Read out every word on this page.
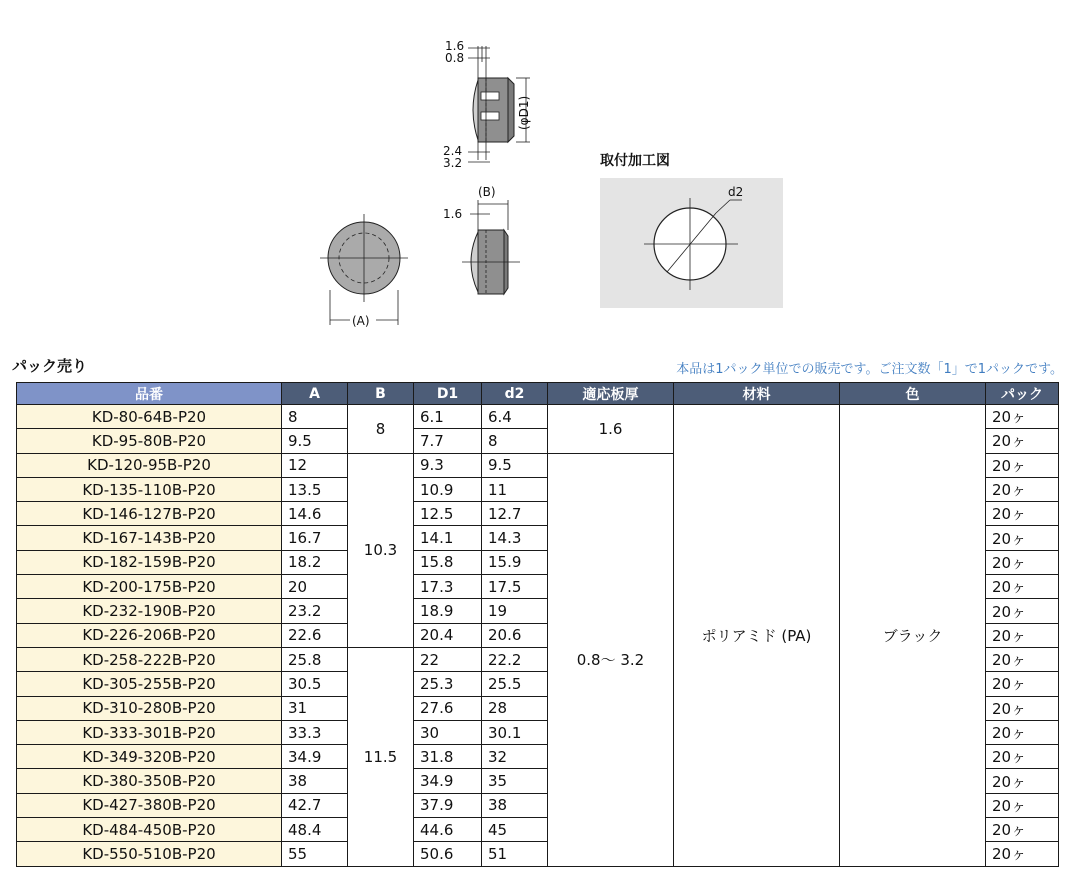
1.6
0.8
(φD1)
2.4
3.2
(A)
(B)
1.6
d2
取付加工図
パック売り	本品は1パック単位での販売です。ご注文数「1」で1パックです。
品番	A	B	D1	d2	適応板厚	材料	色	パック
KD-80-64B-P20	8	8	6.1	6.4	1.6	ポリアミド (PA)	ブラック	20ヶ
KD-95-80B-P20	9.5		7.7	8				20ヶ
KD-120-95B-P20	12	10.3	9.3	9.5	0.8～ 3.2			20ヶ
KD-135-110B-P20	13.5		10.9	11				20ヶ
KD-146-127B-P20	14.6		12.5	12.7				20ヶ
KD-167-143B-P20	16.7		14.1	14.3				20ヶ
KD-182-159B-P20	18.2		15.8	15.9				20ヶ
KD-200-175B-P20	20		17.3	17.5				20ヶ
KD-232-190B-P20	23.2		18.9	19				20ヶ
KD-226-206B-P20	22.6		20.4	20.6				20ヶ
KD-258-222B-P20	25.8	11.5	22	22.2				20ヶ
KD-305-255B-P20	30.5		25.3	25.5				20ヶ
KD-310-280B-P20	31		27.6	28				20ヶ
KD-333-301B-P20	33.3		30	30.1				20ヶ
KD-349-320B-P20	34.9		31.8	32				20ヶ
KD-380-350B-P20	38		34.9	35				20ヶ
KD-427-380B-P20	42.7		37.9	38				20ヶ
KD-484-450B-P20	48.4		44.6	45				20ヶ
KD-550-510B-P20	55		50.6	51				20ヶ
